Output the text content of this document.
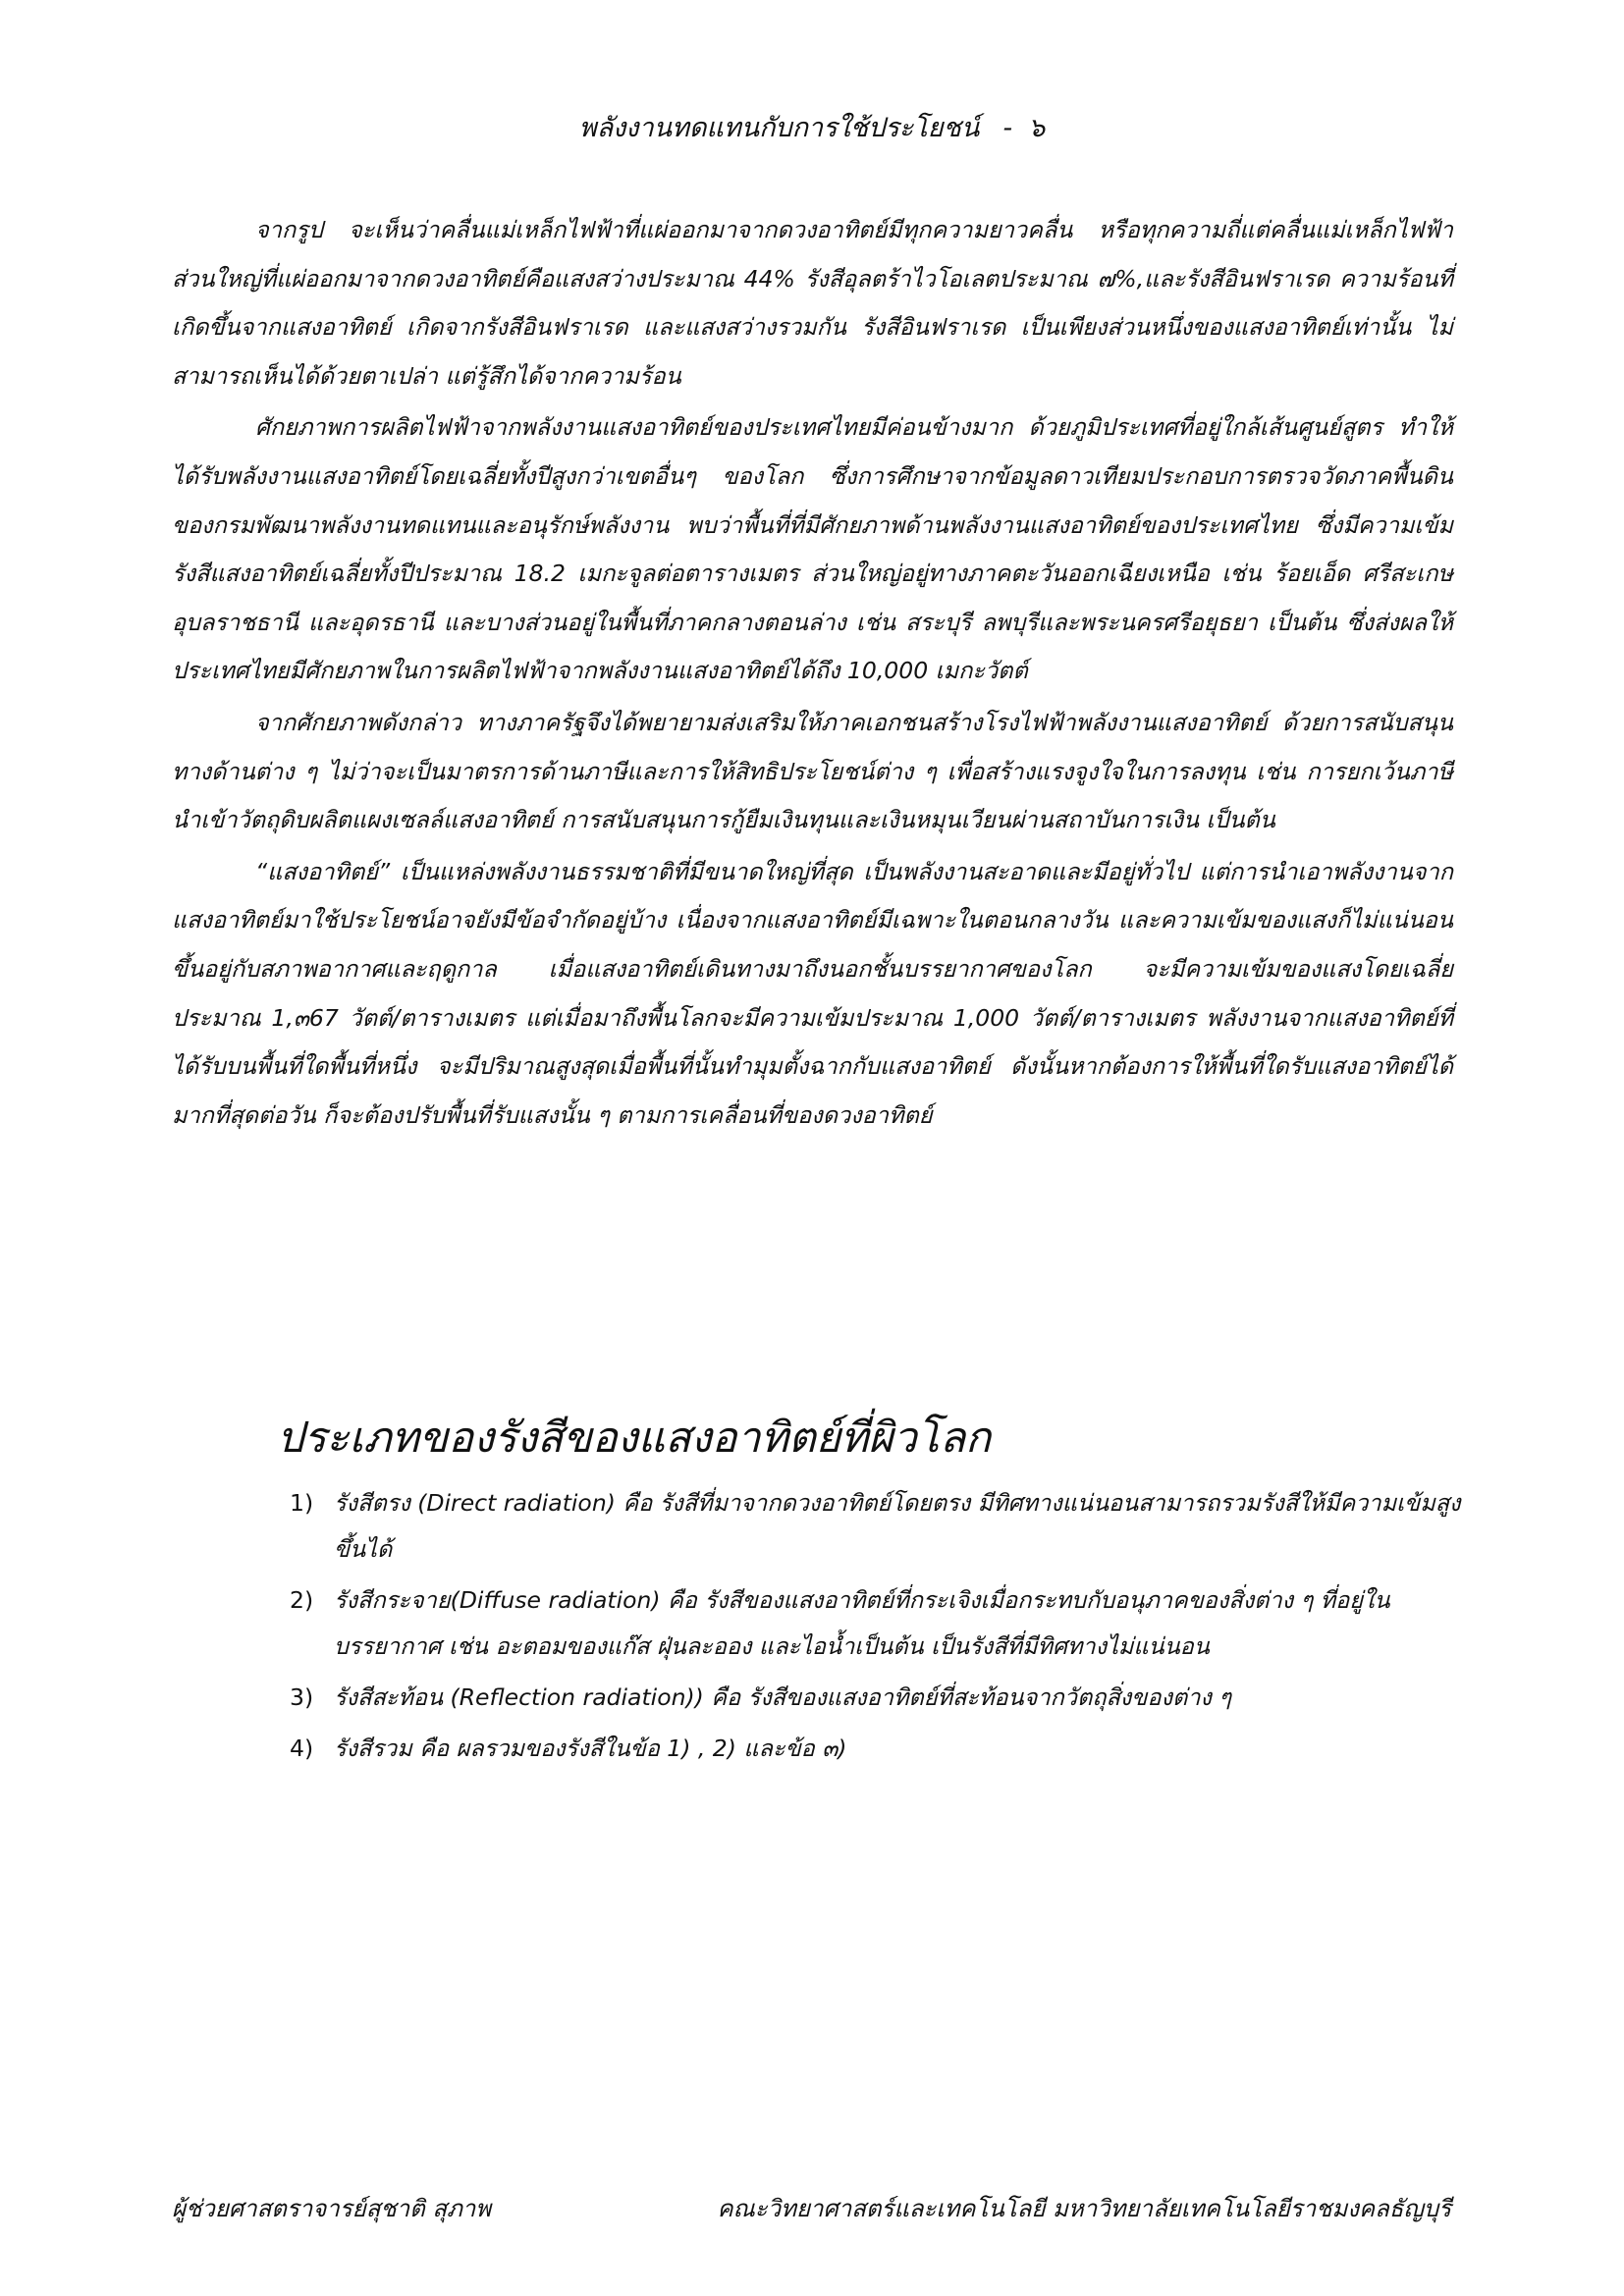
พลังงานทดแทนกับการใช้ประโยชน์ - ๖

จากรูป จะเห็นว่าคลื่นแม่เหล็กไฟฟ้าที่แผ่ออกมาจากดวงอาทิตย์มีทุกความยาวคลื่น หรือทุกความถี่แต่คลื่นแม่เหล็กไฟฟ้าส่วนใหญ่ที่แผ่ออกมาจากดวงอาทิตย์คือแสงสว่างประมาณ 44% รังสีอุลตร้าไวโอเลตประมาณ ๗%,และรังสีอินฟราเรด ความร้อนที่เกิดขึ้นจากแสงอาทิตย์ เกิดจากรังสีอินฟราเรด และแสงสว่างรวมกัน รังสีอินฟราเรด เป็นเพียงส่วนหนึ่งของแสงอาทิตย์เท่านั้น ไม่สามารถเห็นได้ด้วยตาเปล่า แต่รู้สึกได้จากความร้อน

ศักยภาพการผลิตไฟฟ้าจากพลังงานแสงอาทิตย์ของประเทศไทยมีค่อนข้างมาก ด้วยภูมิประเทศที่อยู่ใกล้เส้นศูนย์สูตร ทำให้ได้รับพลังงานแสงอาทิตย์โดยเฉลี่ยทั้งปีสูงกว่าเขตอื่นๆ ของโลก ซึ่งการศึกษาจากข้อมูลดาวเทียมประกอบการตรวจวัดภาคพื้นดินของกรมพัฒนาพลังงานทดแทนและอนุรักษ์พลังงาน พบว่าพื้นที่ที่มีศักยภาพด้านพลังงานแสงอาทิตย์ของประเทศไทย ซึ่งมีความเข้มรังสีแสงอาทิตย์เฉลี่ยทั้งปีประมาณ 18.2 เมกะจูลต่อตารางเมตร ส่วนใหญ่อยู่ทางภาคตะวันออกเฉียงเหนือ เช่น ร้อยเอ็ด ศรีสะเกษ อุบลราชธานี และอุดรธานี และบางส่วนอยู่ในพื้นที่ภาคกลางตอนล่าง เช่น สระบุรี ลพบุรีและพระนครศรีอยุธยา เป็นต้น ซึ่งส่งผลให้ประเทศไทยมีศักยภาพในการผลิตไฟฟ้าจากพลังงานแสงอาทิตย์ได้ถึง 10,000 เมกะวัตต์

จากศักยภาพดังกล่าว ทางภาครัฐจึงได้พยายามส่งเสริมให้ภาคเอกชนสร้างโรงไฟฟ้าพลังงานแสงอาทิตย์ ด้วยการสนับสนุนทางด้านต่าง ๆ ไม่ว่าจะเป็นมาตรการด้านภาษีและการให้สิทธิประโยชน์ต่าง ๆ เพื่อสร้างแรงจูงใจในการลงทุน เช่น การยกเว้นภาษีนำเข้าวัตถุดิบผลิตแผงเซลล์แสงอาทิตย์ การสนับสนุนการกู้ยืมเงินทุนและเงินหมุนเวียนผ่านสถาบันการเงิน เป็นต้น

“แสงอาทิตย์” เป็นแหล่งพลังงานธรรมชาติที่มีขนาดใหญ่ที่สุด เป็นพลังงานสะอาดและมีอยู่ทั่วไป แต่การนำเอาพลังงานจากแสงอาทิตย์มาใช้ประโยชน์อาจยังมีข้อจำกัดอยู่บ้าง เนื่องจากแสงอาทิตย์มีเฉพาะในตอนกลางวัน และความเข้มของแสงก็ไม่แน่นอน ขึ้นอยู่กับสภาพอากาศและฤดูกาล เมื่อแสงอาทิตย์เดินทางมาถึงนอกชั้นบรรยากาศของโลก จะมีความเข้มของแสงโดยเฉลี่ยประมาณ 1,๓67 วัตต์/ตารางเมตร แต่เมื่อมาถึงพื้นโลกจะมีความเข้มประมาณ 1,000 วัตต์/ตารางเมตร พลังงานจากแสงอาทิตย์ที่ได้รับบนพื้นที่ใดพื้นที่หนึ่ง จะมีปริมาณสูงสุดเมื่อพื้นที่นั้นทำมุมตั้งฉากกับแสงอาทิตย์ ดังนั้นหากต้องการให้พื้นที่ใดรับแสงอาทิตย์ได้มากที่สุดต่อวัน ก็จะต้องปรับพื้นที่รับแสงนั้น ๆ ตามการเคลื่อนที่ของดวงอาทิตย์

ประเภทของรังสีของแสงอาทิตย์ที่ผิวโลก
1) รังสีตรง (Direct radiation) คือ รังสีที่มาจากดวงอาทิตย์โดยตรง มีทิศทางแน่นอนสามารถรวมรังสีให้มีความเข้มสูงขึ้นได้
2) รังสีกระจาย(Diffuse radiation) คือ รังสีของแสงอาทิตย์ที่กระเจิงเมื่อกระทบกับอนุภาคของสิ่งต่าง ๆ ที่อยู่ในบรรยากาศ เช่น อะตอมของแก๊ส ฝุ่นละออง และไอน้ำเป็นต้น เป็นรังสีที่มีทิศทางไม่แน่นอน
3) รังสีสะท้อน (Reflection radiation)) คือ รังสีของแสงอาทิตย์ที่สะท้อนจากวัตถุสิ่งของต่าง ๆ
4) รังสีรวม คือ ผลรวมของรังสีในข้อ 1) , 2) และข้อ ๓)
ผู้ช่วยศาสตราจารย์สุชาติ สุภาพ	คณะวิทยาศาสตร์และเทคโนโลยี มหาวิทยาลัยเทคโนโลยีราชมงคลธัญบุรี
